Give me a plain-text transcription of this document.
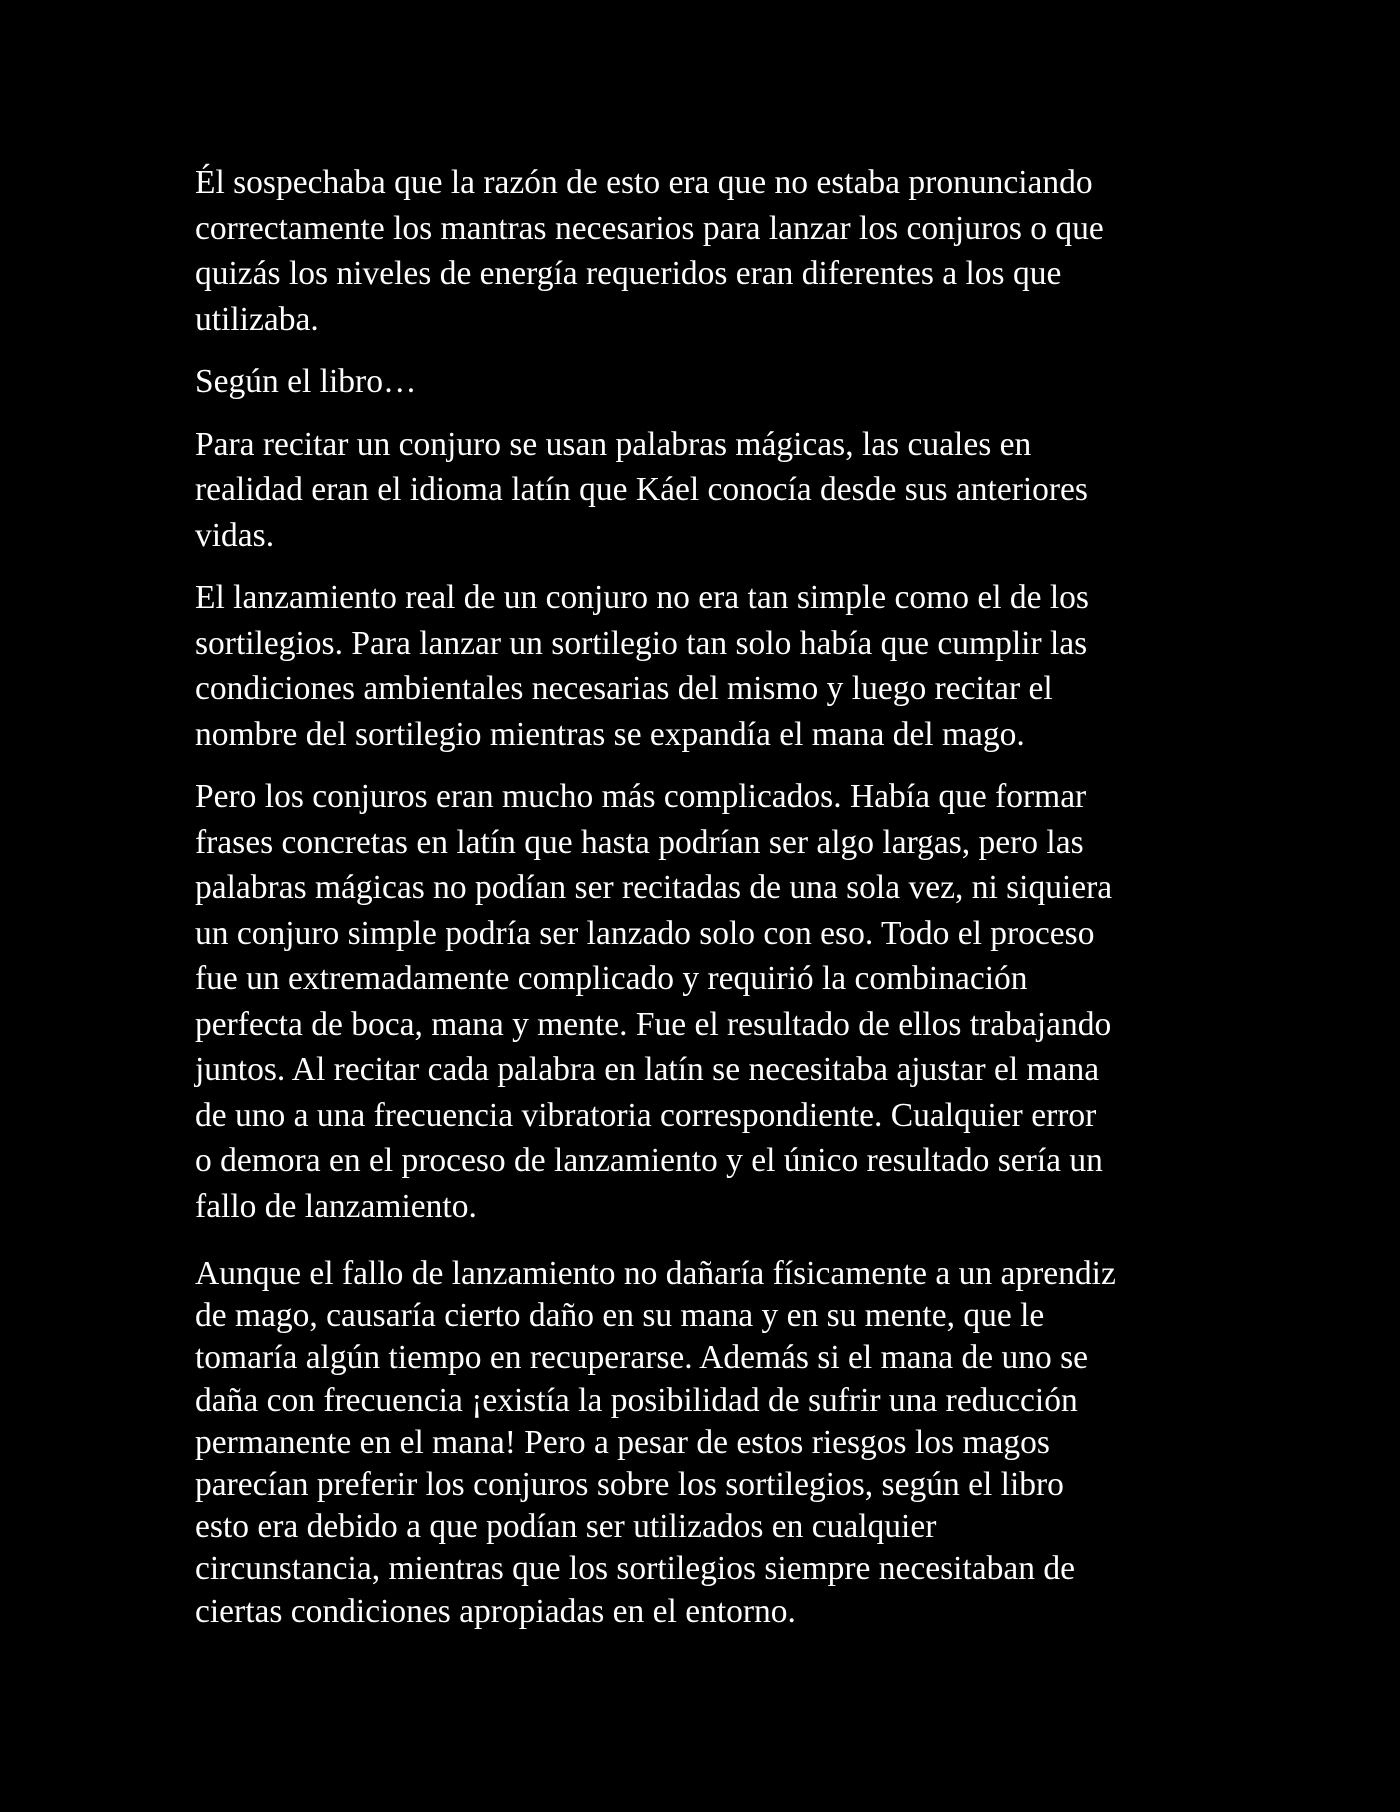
Él sospechaba que la razón de esto era que no estaba pronunciando
correctamente los mantras necesarios para lanzar los conjuros o que
quizás los niveles de energía requeridos eran diferentes a los que
utilizaba.

Según el libro…

Para recitar un conjuro se usan palabras mágicas, las cuales en
realidad eran el idioma latín que Káel conocía desde sus anteriores
vidas.

El lanzamiento real de un conjuro no era tan simple como el de los
sortilegios. Para lanzar un sortilegio tan solo había que cumplir las
condiciones ambientales necesarias del mismo y luego recitar el
nombre del sortilegio mientras se expandía el mana del mago.

Pero los conjuros eran mucho más complicados. Había que formar
frases concretas en latín que hasta podrían ser algo largas, pero las
palabras mágicas no podían ser recitadas de una sola vez, ni siquiera
un conjuro simple podría ser lanzado solo con eso. Todo el proceso
fue un extremadamente complicado y requirió la combinación
perfecta de boca, mana y mente. Fue el resultado de ellos trabajando
juntos. Al recitar cada palabra en latín se necesitaba ajustar el mana
de uno a una frecuencia vibratoria correspondiente. Cualquier error
o demora en el proceso de lanzamiento y el único resultado sería un
fallo de lanzamiento.

Aunque el fallo de lanzamiento no dañaría físicamente a un aprendiz
de mago, causaría cierto daño en su mana y en su mente, que le
tomaría algún tiempo en recuperarse. Además si el mana de uno se
daña con frecuencia ¡existía la posibilidad de sufrir una reducción
permanente en el mana! Pero a pesar de estos riesgos los magos
parecían preferir los conjuros sobre los sortilegios, según el libro
esto era debido a que podían ser utilizados en cualquier
circunstancia, mientras que los sortilegios siempre necesitaban de
ciertas condiciones apropiadas en el entorno.
